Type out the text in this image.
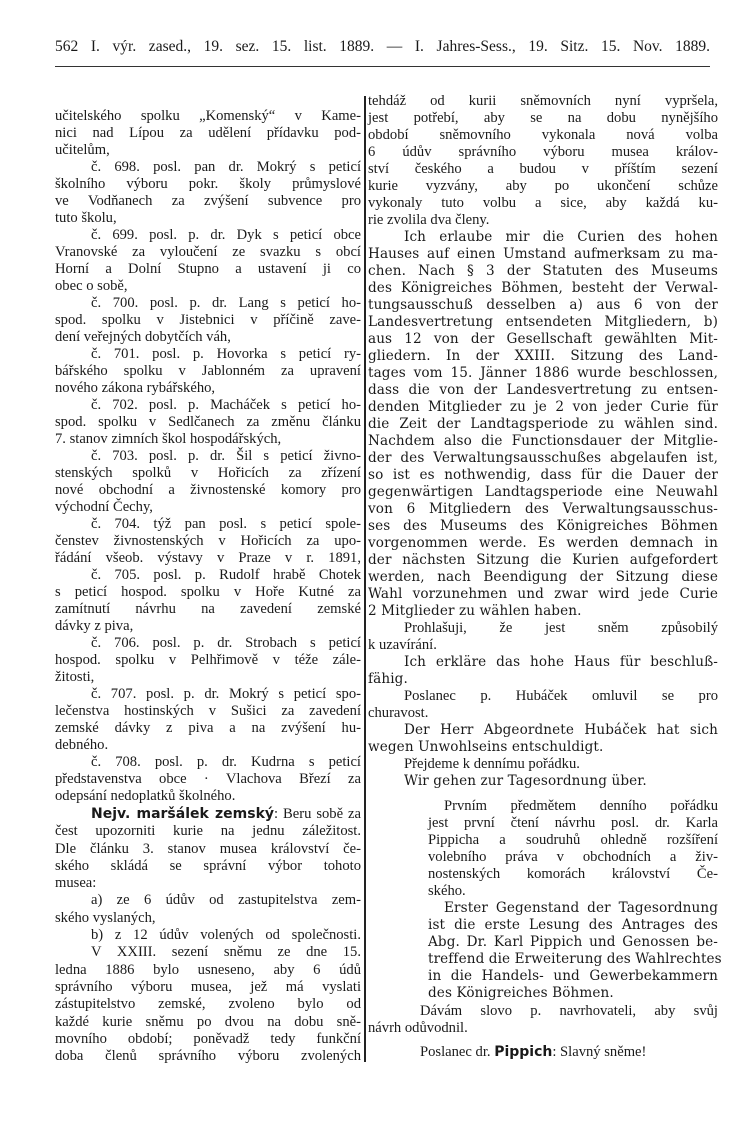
562 I. výr. zased., 19. sez. 15. list. 1889. — I. Jahres-Sess., 19. Sitz. 15. Nov. 1889.
učitelského spolku „Komenský“ v Kame-
nici nad Lípou za udělení přídavku pod-
učitelům,
č. 698. posl. pan dr. Mokrý s peticí
školního výboru pokr. školy průmyslové
ve Vodňanech za zvýšení subvence pro
tuto školu,
č. 699. posl. p. dr. Dyk s peticí obce
Vranovské za vyloučení ze svazku s obcí
Horní a Dolní Stupno a ustavení ji co
obec o sobě,
č. 700. posl. p. dr. Lang s peticí ho-
spod. spolku v Jistebnici v příčině zave-
dení veřejných dobytčích váh,
č. 701. posl. p. Hovorka s peticí ry-
bářského spolku v Jablonném za upravení
nového zákona rybářského,
č. 702. posl. p. Macháček s peticí ho-
spod. spolku v Sedlčanech za změnu článku
7. stanov zimních škol hospodářských,
č. 703. posl. p. dr. Šil s peticí živno-
stenských spolků v Hořicích za zřízení
nové obchodní a živnostenské komory pro
východní Čechy,
č. 704. týž pan posl. s peticí spole-
čenstev živnostenských v Hořicích za upo-
řádání všeob. výstavy v Praze v r. 1891,
č. 705. posl. p. Rudolf hrabě Chotek
s peticí hospod. spolku v Hoře Kutné za
zamítnutí návrhu na zavedení zemské
dávky z piva,
č. 706. posl. p. dr. Strobach s peticí
hospod. spolku v Pelhřimově v téže zále-
žitosti,
č. 707. posl. p. dr. Mokrý s peticí spo-
lečenstva hostinských v Sušici za zavedení
zemské dávky z piva a na zvýšení hu-
debného.
č. 708. posl. p. dr. Kudrna s peticí
představenstva obce · Vlachova Březí za
odepsání nedoplatků školného.
Nejv. maršálek zemský: Beru sobě za
čest upozorniti kurie na jednu záležitost.
Dle článku 3. stanov musea království če-
ského skládá se správní výbor tohoto
musea:
a) ze 6 údův od zastupitelstva zem-
ského vyslaných,
b) z 12 údův volených od společnosti.
V XXIII. sezení sněmu ze dne 15.
ledna 1886 bylo usneseno, aby 6 údů
správního výboru musea, jež má vyslati
zástupitelstvo zemské, zvoleno bylo od
každé kurie sněmu po dvou na dobu sně-
movního období; poněvadž tedy funkční
doba členů správního výboru zvolených
tehdáž od kurii sněmovních nyní vypršela,
jest potřebí, aby se na dobu nynějšího
období sněmovního vykonala nová volba
6 údův správního výboru musea králov-
ství českého a budou v příštím sezení
kurie vyzvány, aby po ukončení schůze
vykonaly tuto volbu a sice, aby každá ku-
rie zvolila dva členy.
Ich erlaube mir die Curien des hohen
Hauses auf einen Umstand aufmerksam zu ma-
chen. Nach § 3 der Statuten des Museums
des Königreiches Böhmen, besteht der Verwal-
tungsausschuß desselben a) aus 6 von der
Landesvertretung entsendeten Mitgliedern, b)
aus 12 von der Gesellschaft gewählten Mit-
gliedern. In der XXIII. Sitzung des Land-
tages vom 15. Jänner 1886 wurde beschlossen,
dass die von der Landesvertretung zu entsen-
denden Mitglieder zu je 2 von jeder Curie für
die Zeit der Landtagsperiode zu wählen sind.
Nachdem also die Functionsdauer der Mitglie-
der des Verwaltungsausschußes abgelaufen ist,
so ist es nothwendig, dass für die Dauer der
gegenwärtigen Landtagsperiode eine Neuwahl
von 6 Mitgliedern des Verwaltungsausschus-
ses des Museums des Königreiches Böhmen
vorgenommen werde. Es werden demnach in
der nächsten Sitzung die Kurien aufgefordert
werden, nach Beendigung der Sitzung diese
Wahl vorzunehmen und zwar wird jede Curie
2 Mitglieder zu wählen haben.
Prohlašuji, že jest sněm způsobilý
k uzavírání.
Ich erkläre das hohe Haus für beschluß-
fähig.
Poslanec p. Hubáček omluvil se pro
churavost.
Der Herr Abgeordnete Hubáček hat sich
wegen Unwohlseins entschuldigt.
Přejdeme k dennímu pořádku.
Wir gehen zur Tagesordnung über.
Prvním předmětem denního pořádku
jest první čtení návrhu posl. dr. Karla
Pippicha a soudruhů ohledně rozšíření
volebního práva v obchodních a živ-
nostenských komorách království Če-
ského.
Erster Gegenstand der Tagesordnung
ist die erste Lesung des Antrages des
Abg. Dr. Karl Pippich und Genossen be-
treffend die Erweiterung des Wahlrechtes
in die Handels- und Gewerbekammern
des Königreiches Böhmen.
Dávám slovo p. navrhovateli, aby svůj
návrh odůvodnil.
Poslanec dr. Pippich: Slavný sněme!
